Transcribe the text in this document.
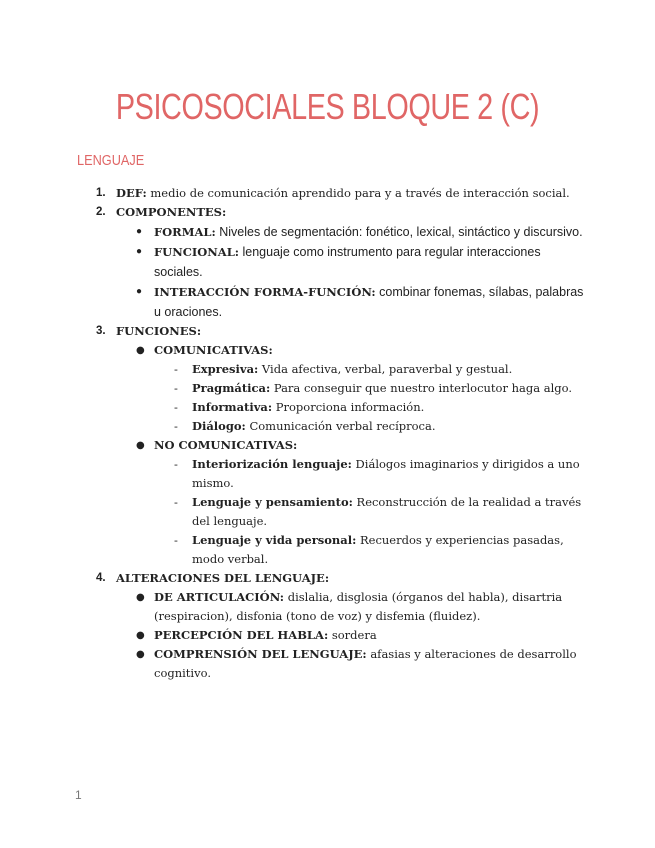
PSICOSOCIALES BLOQUE 2 (C)
LENGUAJE
1. DEF: medio de comunicación aprendido para y a través de interacción social.
2. COMPONENTES:
● FORMAL: Niveles de segmentación: fonético, lexical, sintáctico y discursivo.
● FUNCIONAL: lenguaje como instrumento para regular interacciones sociales.
● INTERACCIÓN FORMA-FUNCIÓN: combinar fonemas, sílabas, palabras u oraciones.
3. FUNCIONES:
● COMUNICATIVAS:
- Expresiva: Vida afectiva, verbal, paraverbal y gestual.
- Pragmática: Para conseguir que nuestro interlocutor haga algo.
- Informativa: Proporciona información.
- Diálogo: Comunicación verbal recíproca.
● NO COMUNICATIVAS:
- Interiorización lenguaje: Diálogos imaginarios y dirigidos a uno mismo.
- Lenguaje y pensamiento: Reconstrucción de la realidad a través del lenguaje.
- Lenguaje y vida personal: Recuerdos y experiencias pasadas, modo verbal.
4. ALTERACIONES DEL LENGUAJE:
● DE ARTICULACIÓN: dislalia, disglosia (órganos del habla), disartria (respiracion), disfonia (tono de voz) y disfemia (fluidez).
● PERCEPCIÓN DEL HABLA: sordera
● COMPRENSIÓN DEL LENGUAJE: afasias y alteraciones de desarrollo cognitivo.
1
